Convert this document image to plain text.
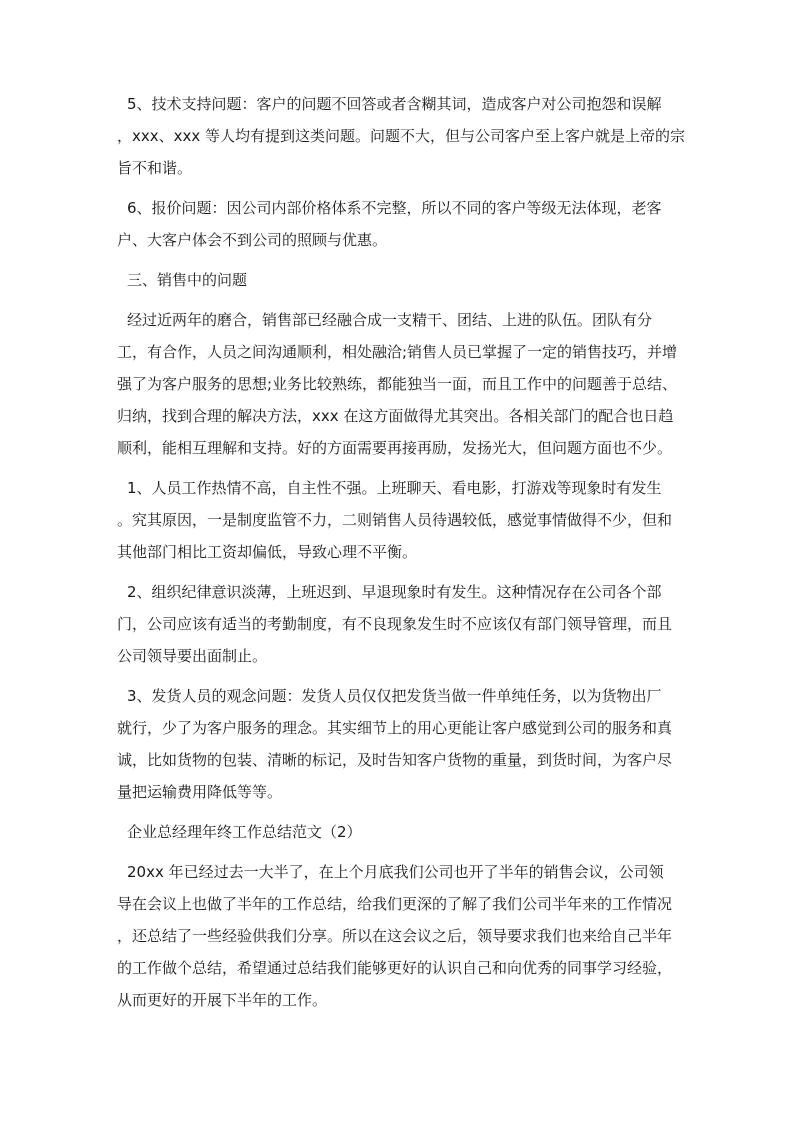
5、技术支持问题：客户的问题不回答或者含糊其词，造成客户对公司抱怨和误解
，xxx、xxx 等人均有提到这类问题。问题不大，但与公司客户至上客户就是上帝的宗
旨不和谐。
6、报价问题：因公司内部价格体系不完整，所以不同的客户等级无法体现，老客
户、大客户体会不到公司的照顾与优惠。
三、销售中的问题
经过近两年的磨合，销售部已经融合成一支精干、团结、上进的队伍。团队有分
工，有合作，人员之间沟通顺利，相处融洽;销售人员已掌握了一定的销售技巧，并增
强了为客户服务的思想;业务比较熟练，都能独当一面，而且工作中的问题善于总结、
归纳，找到合理的解决方法，xxx 在这方面做得尤其突出。各相关部门的配合也日趋
顺利，能相互理解和支持。好的方面需要再接再励，发扬光大，但问题方面也不少。
1、人员工作热情不高，自主性不强。上班聊天、看电影，打游戏等现象时有发生
。究其原因，一是制度监管不力，二则销售人员待遇较低，感觉事情做得不少，但和
其他部门相比工资却偏低，导致心理不平衡。
2、组织纪律意识淡薄，上班迟到、早退现象时有发生。这种情况存在公司各个部
门，公司应该有适当的考勤制度，有不良现象发生时不应该仅有部门领导管理，而且
公司领导要出面制止。
3、发货人员的观念问题：发货人员仅仅把发货当做一件单纯任务，以为货物出厂
就行，少了为客户服务的理念。其实细节上的用心更能让客户感觉到公司的服务和真
诚，比如货物的包装、清晰的标记，及时告知客户货物的重量，到货时间，为客户尽
量把运输费用降低等等。
企业总经理年终工作总结范文（2）
20xx 年已经过去一大半了，在上个月底我们公司也开了半年的销售会议，公司领
导在会议上也做了半年的工作总结，给我们更深的了解了我们公司半年来的工作情况
，还总结了一些经验供我们分享。所以在这会议之后，领导要求我们也来给自己半年
的工作做个总结，希望通过总结我们能够更好的认识自己和向优秀的同事学习经验，
从而更好的开展下半年的工作。
